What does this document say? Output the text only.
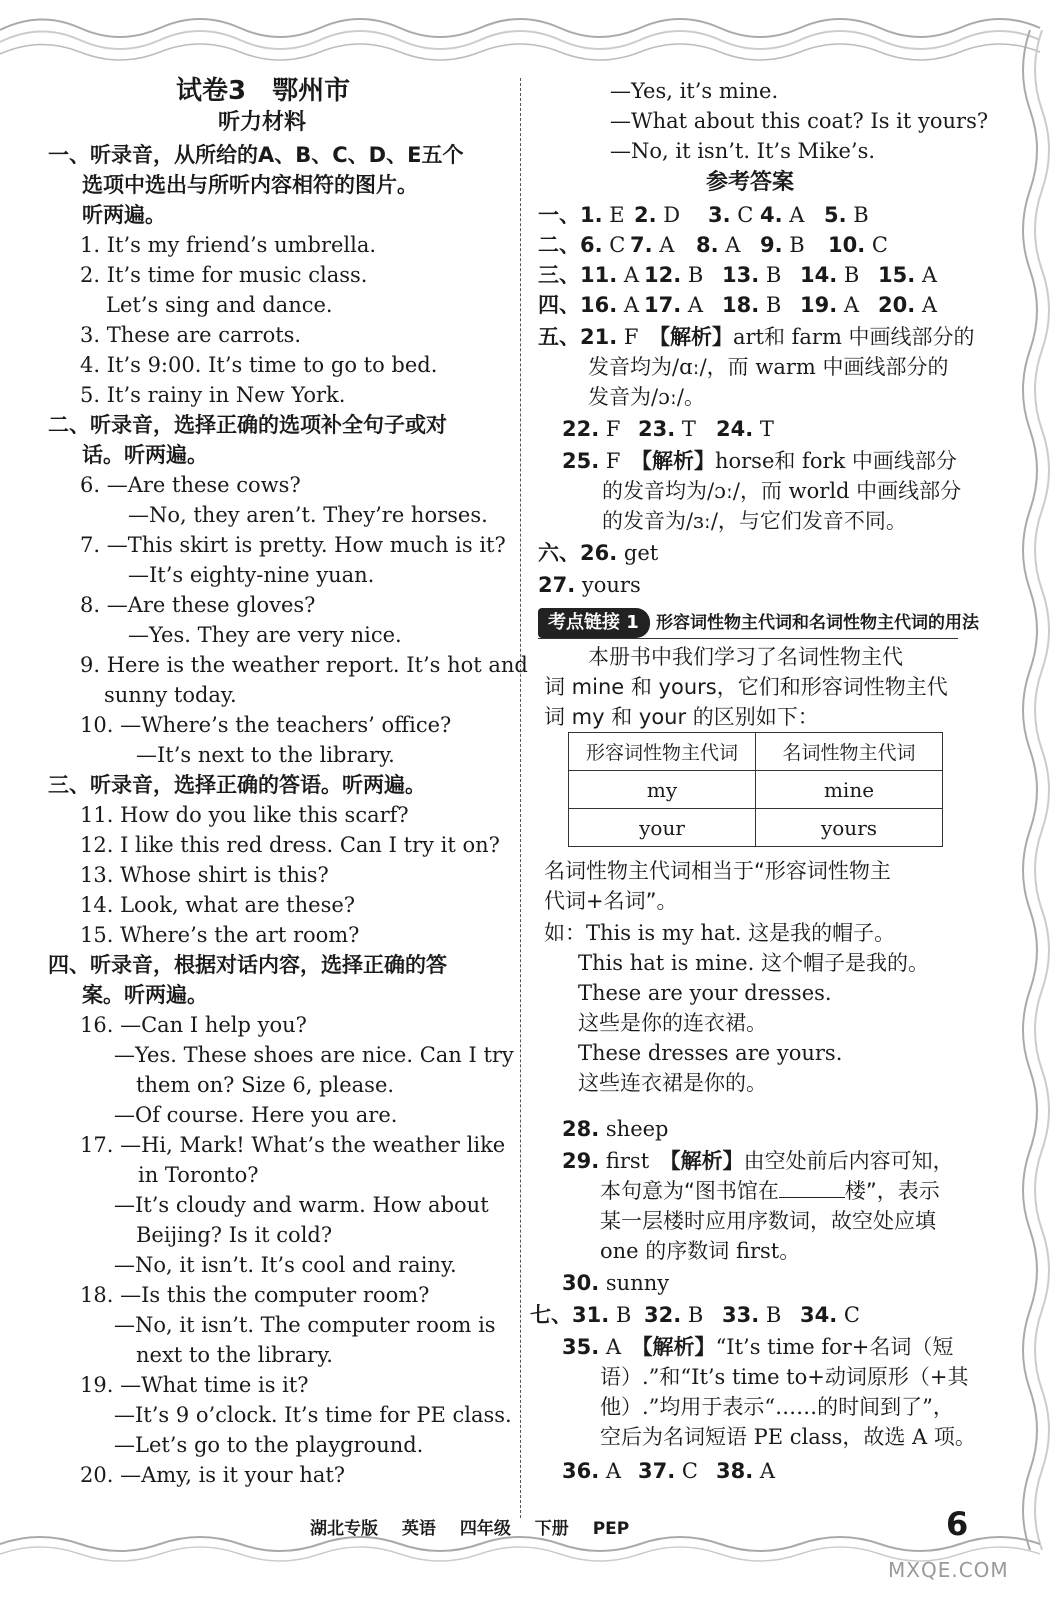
试卷3　鄂州市
听力材料
一、听录音，从所给的A、B、C、D、E五个
选项中选出与所听内容相符的图片。
听两遍。
1. It’s my friend’s umbrella.
2. It’s time for music class.
Let’s sing and dance.
3. These are carrots.
4. It’s 9:00. It’s time to go to bed.
5. It’s rainy in New York.
二、听录音，选择正确的选项补全句子或对
话。听两遍。
6. —Are these cows?
—No, they aren’t. They’re horses.
7. —This skirt is pretty. How much is it?
—It’s eighty-nine yuan.
8. —Are these gloves?
—Yes. They are very nice.
9. Here is the weather report. It’s hot and
sunny today.
10. —Where’s the teachers’ office?
—It’s next to the library.
三、听录音，选择正确的答语。听两遍。
11. How do you like this scarf?
12. I like this red dress. Can I try it on?
13. Whose shirt is this?
14. Look, what are these?
15. Where’s the art room?
四、听录音，根据对话内容，选择正确的答
案。听两遍。
16. —Can I help you?
—Yes. These shoes are nice. Can I try
them on? Size 6, please.
—Of course. Here you are.
17. —Hi, Mark! What’s the weather like
in Toronto?
—It’s cloudy and warm. How about
Beijing? Is it cold?
—No, it isn’t. It’s cool and rainy.
18. —Is this the computer room?
—No, it isn’t. The computer room is
next to the library.
19. —What time is it?
—It’s 9 o’clock. It’s time for PE class.
—Let’s go to the playground.
20. —Amy, is it your hat?
—Yes, it’s mine.
—What about this coat? Is it yours?
—No, it isn’t. It’s Mike’s.
参考答案
一、1. E 2. D 3. C 4. A 5. B
二、6. C 7. A 8. A 9. B 10. C
三、11. A 12. B 13. B 14. B 15. A
四、16. A 17. A 18. B 19. A 20. A
五、21. F　 【解析】art和 farm 中画线部分的
发音均为/ɑː/，而 warm 中画线部分的
发音为/ɔː/。
22. F 23. T 24. T
25. F　 【解析】horse和 fork 中画线部分
的发音均为/ɔː/，而 world 中画线部分
的发音为/ɜː/，与它们发音不同。
六、26. get
27. yours
考点链接 1	形容词性物主代词和名词性物主代词的用法
本册书中我们学习了名词性物主代
词 mine 和 yours，它们和形容词性物主代
词 my 和 your 的区别如下：
形容词性物主代词	名词性物主代词
my	mine
your	yours
名词性物主代词相当于“形容词性物主
代词+名词”。
如：This is my hat. 这是我的帽子。
This hat is mine. 这个帽子是我的。
These are your dresses.
这些是你的连衣裙。
These dresses are yours.
这些连衣裙是你的。
28. sheep
29. first　 【解析】由空处前后内容可知，
本句意为“图书馆在	楼”，表示
某一层楼时应用序数词，故空处应填
one 的序数词 first。
30. sunny
七、31. B 32. B 33. B 34. C
35. A　 【解析】“It’s time for+名词（短
语）.”和“It’s time to+动词原形（+其
他）.”均用于表示“……的时间到了”，
空后为名词短语 PE class，故选 A 项。
36. A 37. C 38. A
湖北专版 英语 四年级 下册 PEP	6
MXQE.COM
